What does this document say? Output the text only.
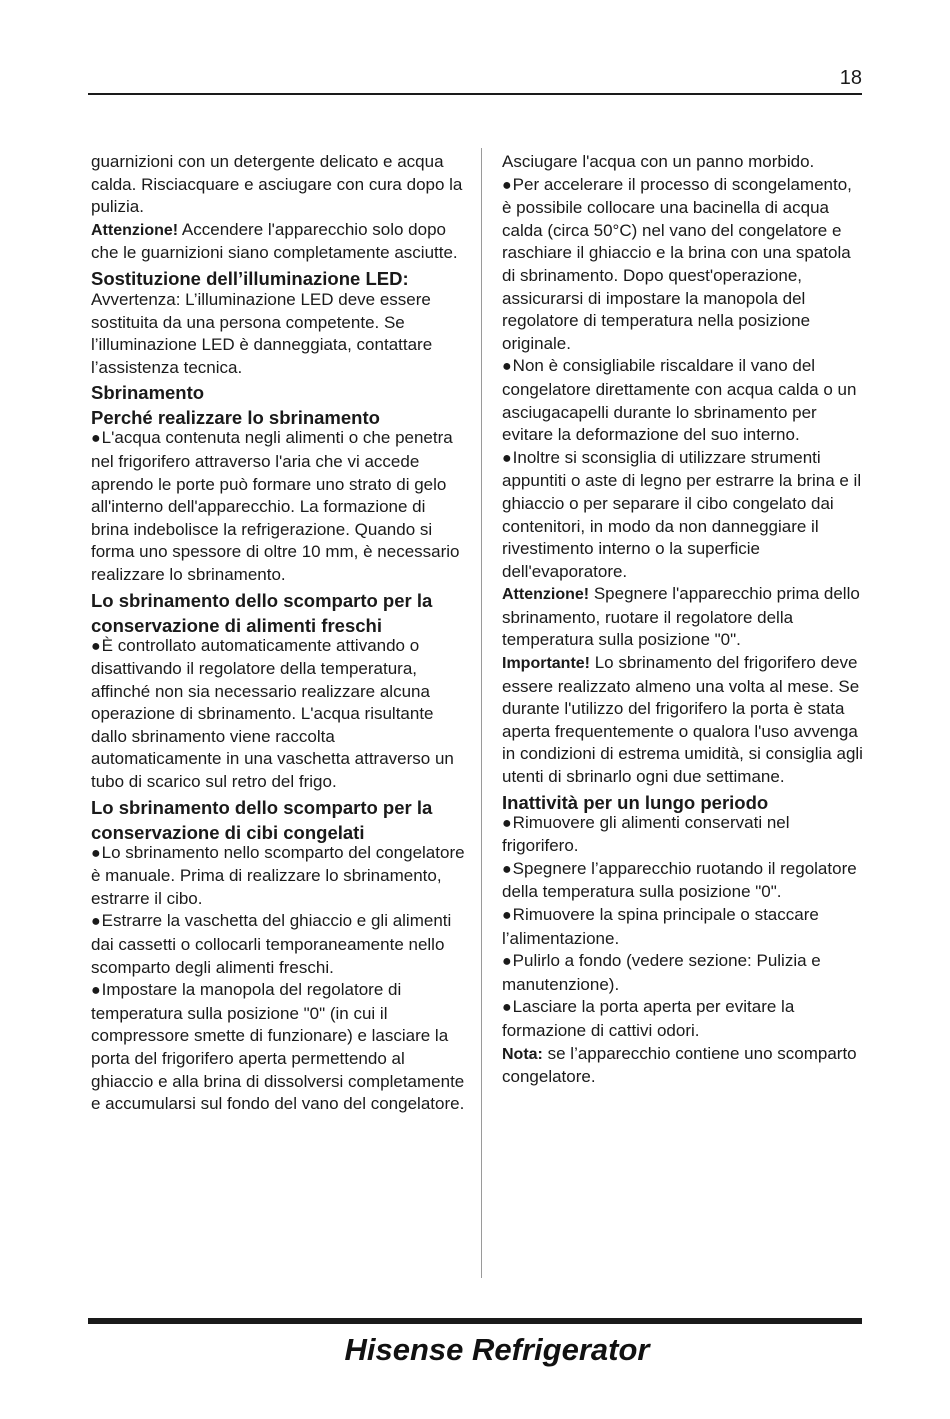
18

guarnizioni con un detergente delicato e acqua calda. Risciacquare e asciugare con cura dopo la pulizia.

Attenzione! Accendere l'apparecchio solo dopo che le guarnizioni siano completamente asciutte.

Sostituzione dell’illuminazione LED:

Avvertenza: L’illuminazione LED deve essere sostituita da una persona competente. Se l’illuminazione LED è danneggiata, contattare l’assistenza tecnica.

Sbrinamento

Perché realizzare lo sbrinamento

●L'acqua contenuta negli alimenti o che penetra nel frigorifero attraverso l'aria che vi accede aprendo le porte può formare uno strato di gelo all'interno dell'apparecchio. La formazione di brina indebolisce la refrigerazione. Quando si forma uno spessore di oltre 10 mm, è necessario realizzare lo sbrinamento.

Lo sbrinamento dello scomparto per la conservazione di alimenti freschi

●È controllato automaticamente attivando o disattivando il regolatore della temperatura, affinché non sia necessario realizzare alcuna operazione di sbrinamento. L'acqua risultante dallo sbrinamento viene raccolta automaticamente in una vaschetta attraverso un tubo di scarico sul retro del frigo.

Lo sbrinamento dello scomparto per la conservazione di cibi congelati

●Lo sbrinamento nello scomparto del congelatore è manuale. Prima di realizzare lo sbrinamento, estrarre il cibo.

●Estrarre la vaschetta del ghiaccio e gli alimenti dai cassetti o collocarli temporaneamente nello scomparto degli alimenti freschi.

●Impostare la manopola del regolatore di temperatura sulla posizione "0" (in cui il compressore smette di funzionare) e lasciare la porta del frigorifero aperta permettendo al ghiaccio e alla brina di dissolversi completamente e accumularsi sul fondo del vano del congelatore.

Asciugare l'acqua con un panno morbido.

●Per accelerare il processo di scongelamento, è possibile collocare una bacinella di acqua calda (circa 50°C) nel vano del congelatore e raschiare il ghiaccio e la brina con una spatola di sbrinamento. Dopo quest'operazione, assicurarsi di impostare la manopola del regolatore di temperatura nella posizione originale.

●Non è consigliabile riscaldare il vano del congelatore direttamente con acqua calda o un asciugacapelli durante lo sbrinamento per evitare la deformazione del suo interno.

●Inoltre si sconsiglia di utilizzare strumenti appuntiti o aste di legno per estrarre la brina e il ghiaccio o per separare il cibo congelato dai contenitori, in modo da non danneggiare il rivestimento interno o la superficie dell'evaporatore.

Attenzione! Spegnere l'apparecchio prima dello sbrinamento, ruotare il regolatore della temperatura sulla posizione "0".

Importante! Lo sbrinamento del frigorifero deve essere realizzato almeno una volta al mese. Se durante l'utilizzo del frigorifero la porta è stata aperta frequentemente o qualora l'uso avvenga in condizioni di estrema umidità, si consiglia agli utenti di sbrinarlo ogni due settimane.

Inattività per un lungo periodo

●Rimuovere gli alimenti conservati nel frigorifero.

●Spegnere l’apparecchio ruotando il regolatore della temperatura sulla posizione "0".

●Rimuovere la spina principale o staccare l’alimentazione.

●Pulirlo a fondo (vedere sezione: Pulizia e manutenzione).

●Lasciare la porta aperta per evitare la formazione di cattivi odori.

Nota: se l’apparecchio contiene uno scomparto congelatore.

Hisense Refrigerator
